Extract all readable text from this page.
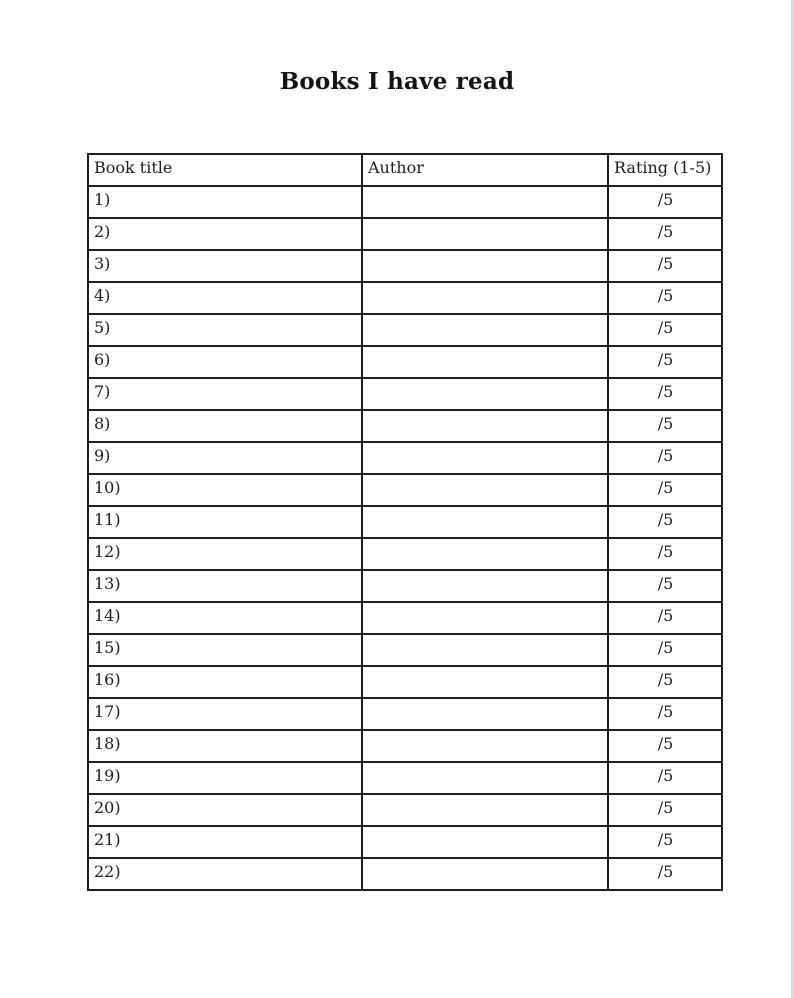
Books I have read
Book title	Author	Rating (1-5)
1)		/5
2)		/5
3)		/5
4)		/5
5)		/5
6)		/5
7)		/5
8)		/5
9)		/5
10)		/5
11)		/5
12)		/5
13)		/5
14)		/5
15)		/5
16)		/5
17)		/5
18)		/5
19)		/5
20)		/5
21)		/5
22)		/5
